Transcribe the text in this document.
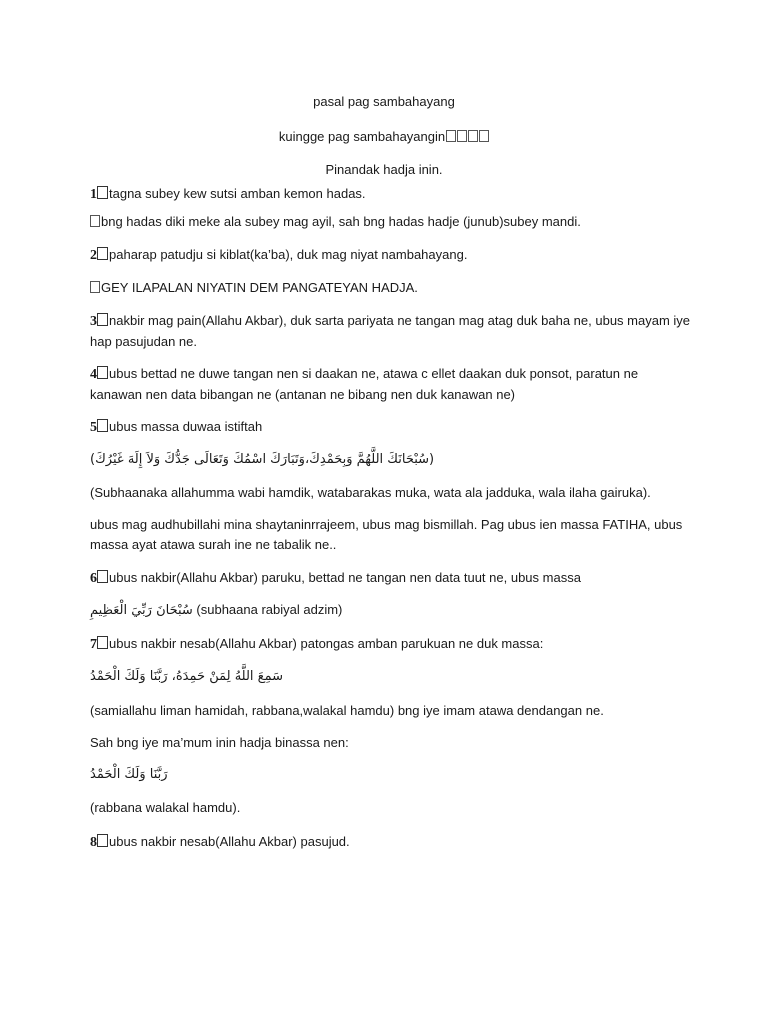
pasal pag sambahayang
kuingge pag sambahayangin
Pinandak hadja inin.
1 tagna subey kew sutsi amban kemon hadas.
bng hadas diki meke ala subey mag ayil, sah bng hadas hadje (junub)subey mandi.
2 paharap patudju si kiblat(ka’ba), duk mag niyat nambahayang.
GEY ILAPALAN NIYATIN DEM PANGATEYAN HADJA.
3 nakbir mag pain(Allahu Akbar), duk sarta pariyata ne tangan mag atag duk baha ne, ubus mayam iye hap pasujudan ne.
4 ubus bettad ne duwe tangan nen si daakan ne, atawa c ellet daakan duk ponsot, paratun ne kanawan nen data bibangan ne (antanan ne bibang nen duk kanawan ne)
5 ubus massa duwaa istiftah
(سُبْحَانَكَ اللَّهُمَّ وَبِحَمْدِكَ،وَتَبَارَكَ اسْمُكَ وَتَعَالَى جَدُّكَ وَلاَ إِلَهَ غَيْرُكَ)
(Subhaanaka allahumma wabi hamdik, watabarakas muka, wata ala jadduka, wala ilaha gairuka).
ubus mag audhubillahi mina shaytaninrrajeem, ubus mag bismillah. Pag ubus ien massa FATIHA, ubus massa ayat atawa surah ine ne tabalik ne..
6 ubus nakbir(Allahu Akbar) paruku, bettad ne tangan nen data tuut ne, ubus massa
سُبْحَانَ رَبِّيَ الْعَظِيمِ (subhaana rabiyal adzim)
7 ubus nakbir nesab(Allahu Akbar) patongas amban parukuan ne duk massa:
سَمِعَ اللَّهُ لِمَنْ حَمِدَهُ، رَبَّنَا وَلَكَ الْحَمْدُ
(samiallahu liman hamidah, rabbana,walakal hamdu) bng iye imam atawa dendangan ne.
Sah bng iye ma’mum inin hadja binassa nen:
رَبَّنَا وَلَكَ الْحَمْدُ
(rabbana walakal hamdu).
8 ubus nakbir nesab(Allahu Akbar) pasujud.
